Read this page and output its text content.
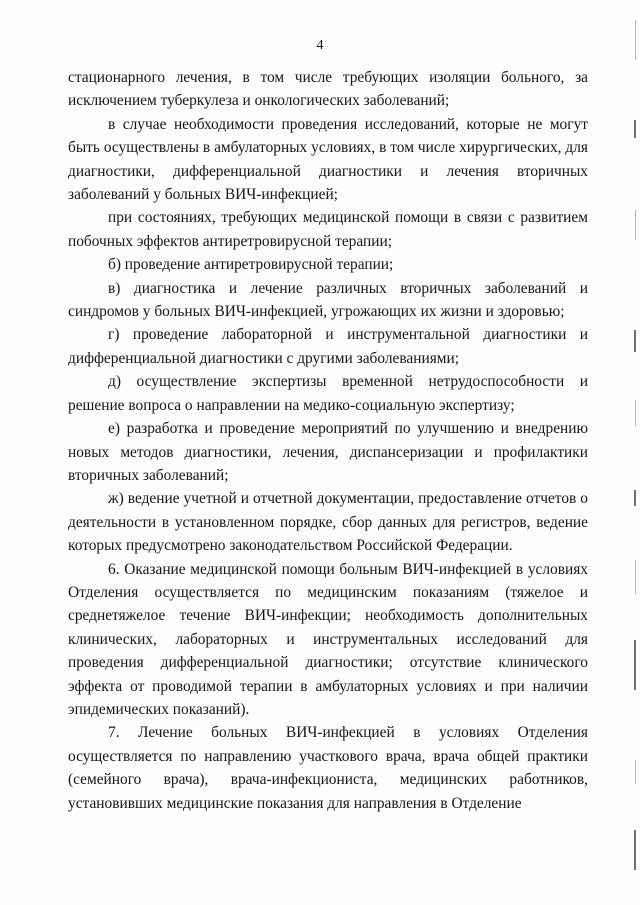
4

стационарного лечения, в том числе требующих изоляции больного, за исключением туберкулеза и онкологических заболеваний;

в случае необходимости проведения исследований, которые не могут быть осуществлены в амбулаторных условиях, в том числе хирургических, для диагностики, дифференциальной диагностики и лечения вторичных заболеваний у больных ВИЧ-инфекцией;

при состояниях, требующих медицинской помощи в связи с развитием побочных эффектов антиретровирусной терапии;

б) проведение антиретровирусной терапии;

в) диагностика и лечение различных вторичных заболеваний и синдромов у больных ВИЧ-инфекцией, угрожающих их жизни и здоровью;

г) проведение лабораторной и инструментальной диагностики и дифференциальной диагностики с другими заболеваниями;

д) осуществление экспертизы временной нетрудоспособности и решение вопроса о направлении на медико-социальную экспертизу;

е) разработка и проведение мероприятий по улучшению и внедрению новых методов диагностики, лечения, диспансеризации и профилактики вторичных заболеваний;

ж) ведение учетной и отчетной документации, предоставление отчетов о деятельности в установленном порядке, сбор данных для регистров, ведение которых предусмотрено законодательством Российской Федерации.

6. Оказание медицинской помощи больным ВИЧ-инфекцией в условиях Отделения осуществляется по медицинским показаниям (тяжелое и среднетяжелое течение ВИЧ-инфекции; необходимость дополнительных клинических, лабораторных и инструментальных исследований для проведения дифференциальной диагностики; отсутствие клинического эффекта от проводимой терапии в амбулаторных условиях и при наличии эпидемических показаний).

7. Лечение больных ВИЧ-инфекцией в условиях Отделения осуществляется по направлению участкового врача, врача общей практики (семейного врача), врача-инфекциониста, медицинских работников, установивших медицинские показания для направления в Отделение
